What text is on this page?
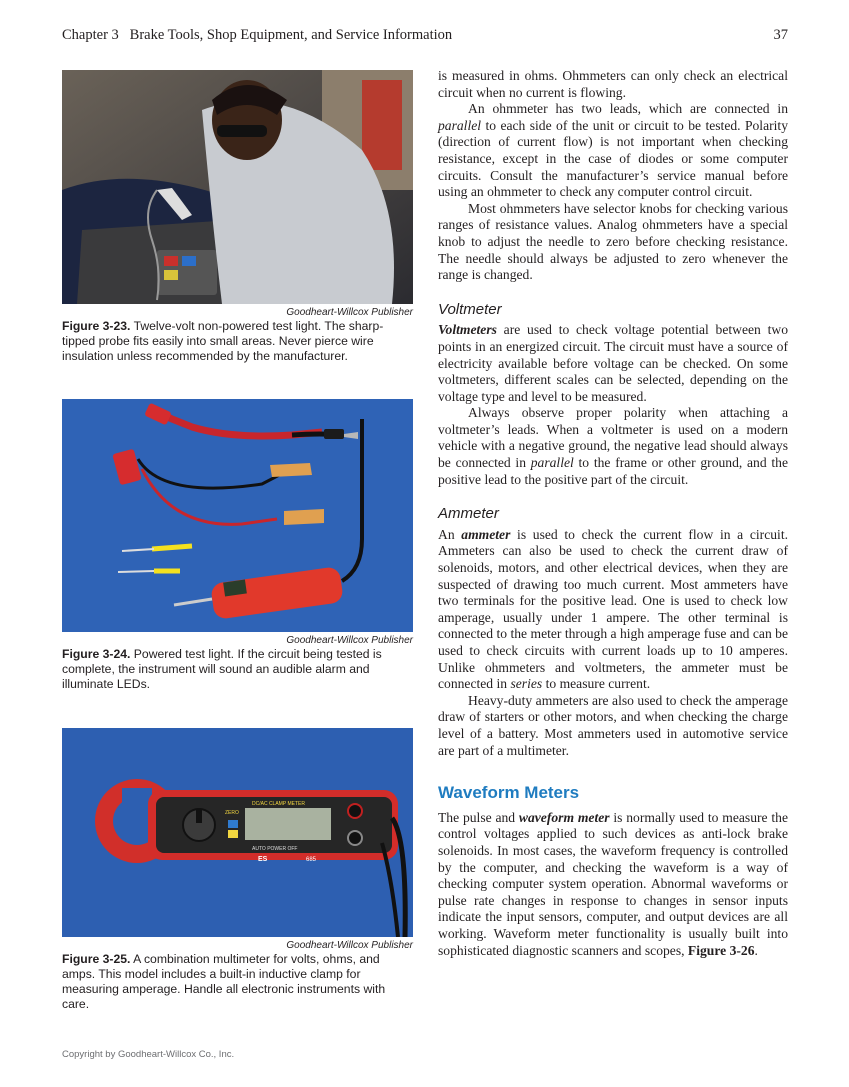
Chapter 3 Brake Tools, Shop Equipment, and Service Information	37
Goodheart-Willcox Publisher
Figure 3-23. Twelve-volt non-powered test light. The sharp-tipped probe fits easily into small areas. Never pierce wire insulation unless recommended by the manufacturer.
Goodheart-Willcox Publisher
Figure 3-24. Powered test light. If the circuit being tested is complete, the instrument will sound an audible alarm and illuminate LEDs.
DC/AC CLAMP METER
AUTO POWER OFF
ZERO
ES	685
Goodheart-Willcox Publisher
Figure 3-25. A combination multimeter for volts, ohms, and amps. This model includes a built-in inductive clamp for measuring amperage. Handle all electronic instruments with care.

is measured in ohms. Ohmmeters can only check an electrical circuit when no current is flowing.

An ohmmeter has two leads, which are connected in parallel to each side of the unit or circuit to be tested. Polarity (direction of current flow) is not important when checking resistance, except in the case of diodes or some computer circuits. Consult the manufacturer’s service manual before using an ohmmeter to check any computer control circuit.

Most ohmmeters have selector knobs for checking various ranges of resistance values. Analog ohmmeters have a special knob to adjust the needle to zero before checking resistance. The needle should always be adjusted to zero whenever the range is changed.

Voltmeter

Voltmeters are used to check voltage potential between two points in an energized circuit. The circuit must have a source of electricity available before voltage can be checked. On some voltmeters, different scales can be selected, depending on the voltage type and level to be measured.

Always observe proper polarity when attaching a voltmeter’s leads. When a voltmeter is used on a modern vehicle with a negative ground, the negative lead should always be connected in parallel to the frame or other ground, and the positive lead to the positive part of the circuit.

Ammeter

An ammeter is used to check the current flow in a circuit. Ammeters can also be used to check the current draw of solenoids, motors, and other electrical devices, when they are suspected of drawing too much current. Most ammeters have two terminals for the positive lead. One is used to check low amperage, usually under 1 ampere. The other terminal is connected to the meter through a high amperage fuse and can be used to check circuits with current loads up to 10 amperes. Unlike ohmmeters and voltmeters, the ammeter must be connected in series to measure current.

Heavy-duty ammeters are also used to check the amperage draw of starters or other motors, and when checking the charge level of a battery. Most ammeters used in automotive service are part of a multimeter.

Waveform Meters

The pulse and waveform meter is normally used to measure the control voltages applied to such devices as anti-lock brake solenoids. In most cases, the waveform frequency is controlled by the computer, and checking the waveform is a way of checking computer system operation. Abnormal waveforms or pulse rate changes in response to changes in sensor inputs indicate the input sensors, computer, and output devices are all working. Waveform meter functionality is usually built into sophisticated diagnostic scanners and scopes, Figure 3-26.

Copyright by Goodheart-Willcox Co., Inc.
